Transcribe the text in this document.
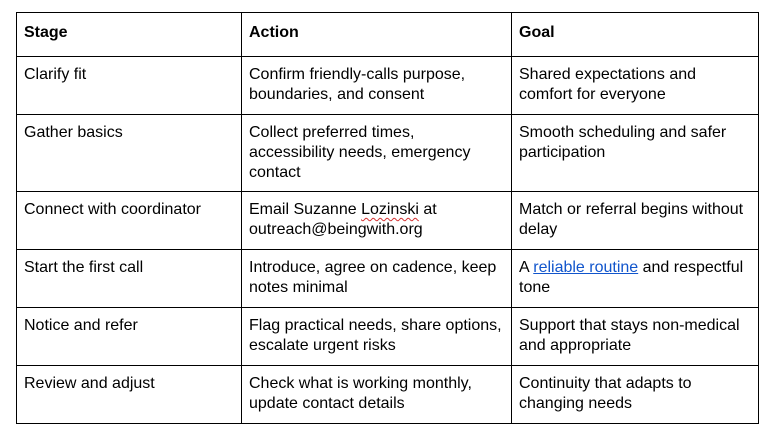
Stage	Action	Goal
Clarify fit	Confirm friendly-calls purpose, boundaries, and consent	Shared expectations and comfort for everyone
Gather basics	Collect preferred times, accessibility needs, emergency contact	Smooth scheduling and safer participation
Connect with coordinator	Email Suzanne Lozinski at outreach@beingwith.org	Match or referral begins without delay
Start the first call	Introduce, agree on cadence, keep notes minimal	A reliable routine and respectful tone
Notice and refer	Flag practical needs, share options, escalate urgent risks	Support that stays non-medical and appropriate
Review and adjust	Check what is working monthly, update contact details	Continuity that adapts to changing needs
